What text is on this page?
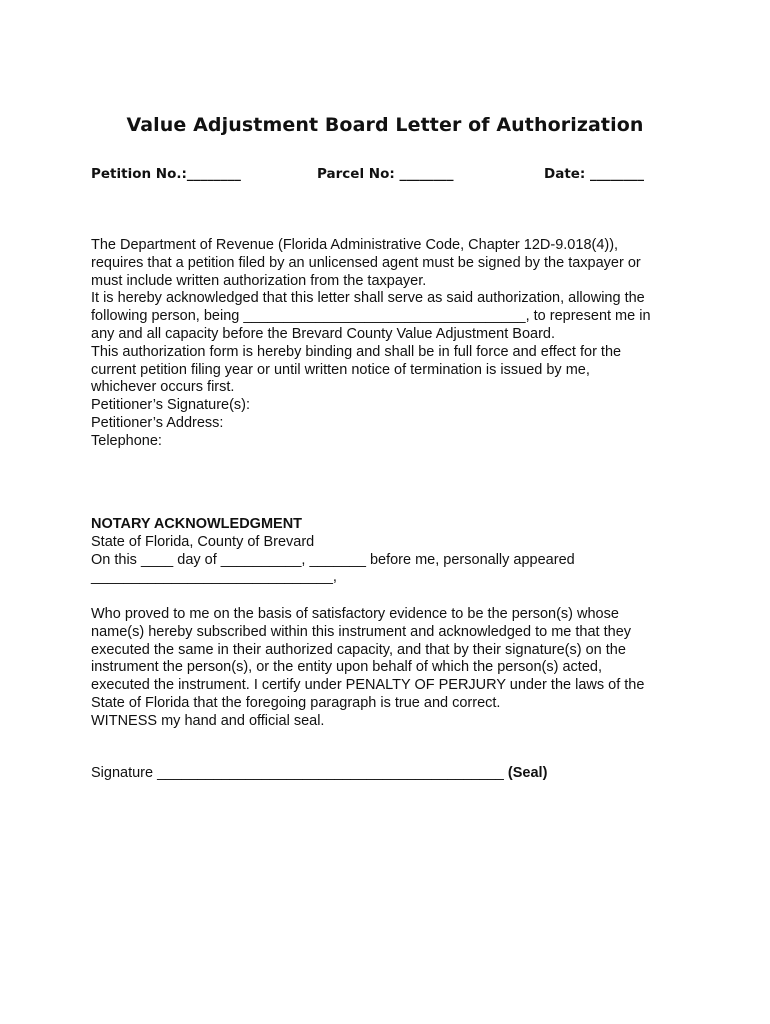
Value Adjustment Board Letter of Authorization
Petition No.:________	Parcel No: ________	Date: ________

The Department of Revenue (Florida Administrative Code, Chapter 12D-9.018(4)),

requires that a petition filed by an unlicensed agent must be signed by the taxpayer or

must include written authorization from the taxpayer.

It is hereby acknowledged that this letter shall serve as said authorization, allowing the

following person, being ___________________________________, to represent me in

any and all capacity before the Brevard County Value Adjustment Board.

This authorization form is hereby binding and shall be in full force and effect for the

current petition filing year or until written notice of termination is issued by me,

whichever occurs first.

Petitioner’s Signature(s):

Petitioner’s Address:

Telephone:

NOTARY ACKNOWLEDGMENT

State of Florida, County of Brevard

On this ____ day of __________, _______ before me, personally appeared

______________________________,

Who proved to me on the basis of satisfactory evidence to be the person(s) whose

name(s) hereby subscribed within this instrument and acknowledged to me that they

executed the same in their authorized capacity, and that by their signature(s) on the

instrument the person(s), or the entity upon behalf of which the person(s) acted,

executed the instrument. I certify under PENALTY OF PERJURY under the laws of the

State of Florida that the foregoing paragraph is true and correct.

WITNESS my hand and official seal.

Signature ___________________________________________ (Seal)
